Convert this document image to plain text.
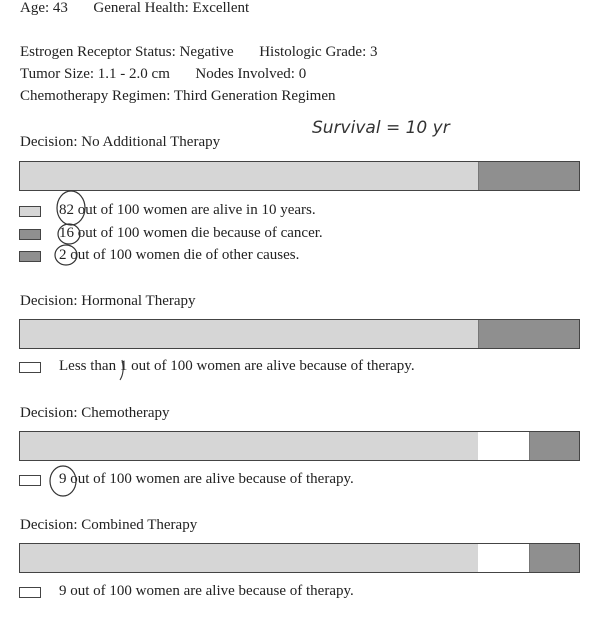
Age: 43 General Health: Excellent
Estrogen Receptor Status: Negative Histologic Grade: 3
Tumor Size: 1.1 - 2.0 cm Nodes Involved: 0
Chemotherapy Regimen: Third Generation Regimen
Survival = 10 yr
Decision: No Additional Therapy
82 out of 100 women are alive in 10 years.
16 out of 100 women die because of cancer.
2 out of 100 women die of other causes.
Decision: Hormonal Therapy
Less than 1 out of 100 women are alive because of therapy.
Decision: Chemotherapy
9 out of 100 women are alive because of therapy.
Decision: Combined Therapy
9 out of 100 women are alive because of therapy.
